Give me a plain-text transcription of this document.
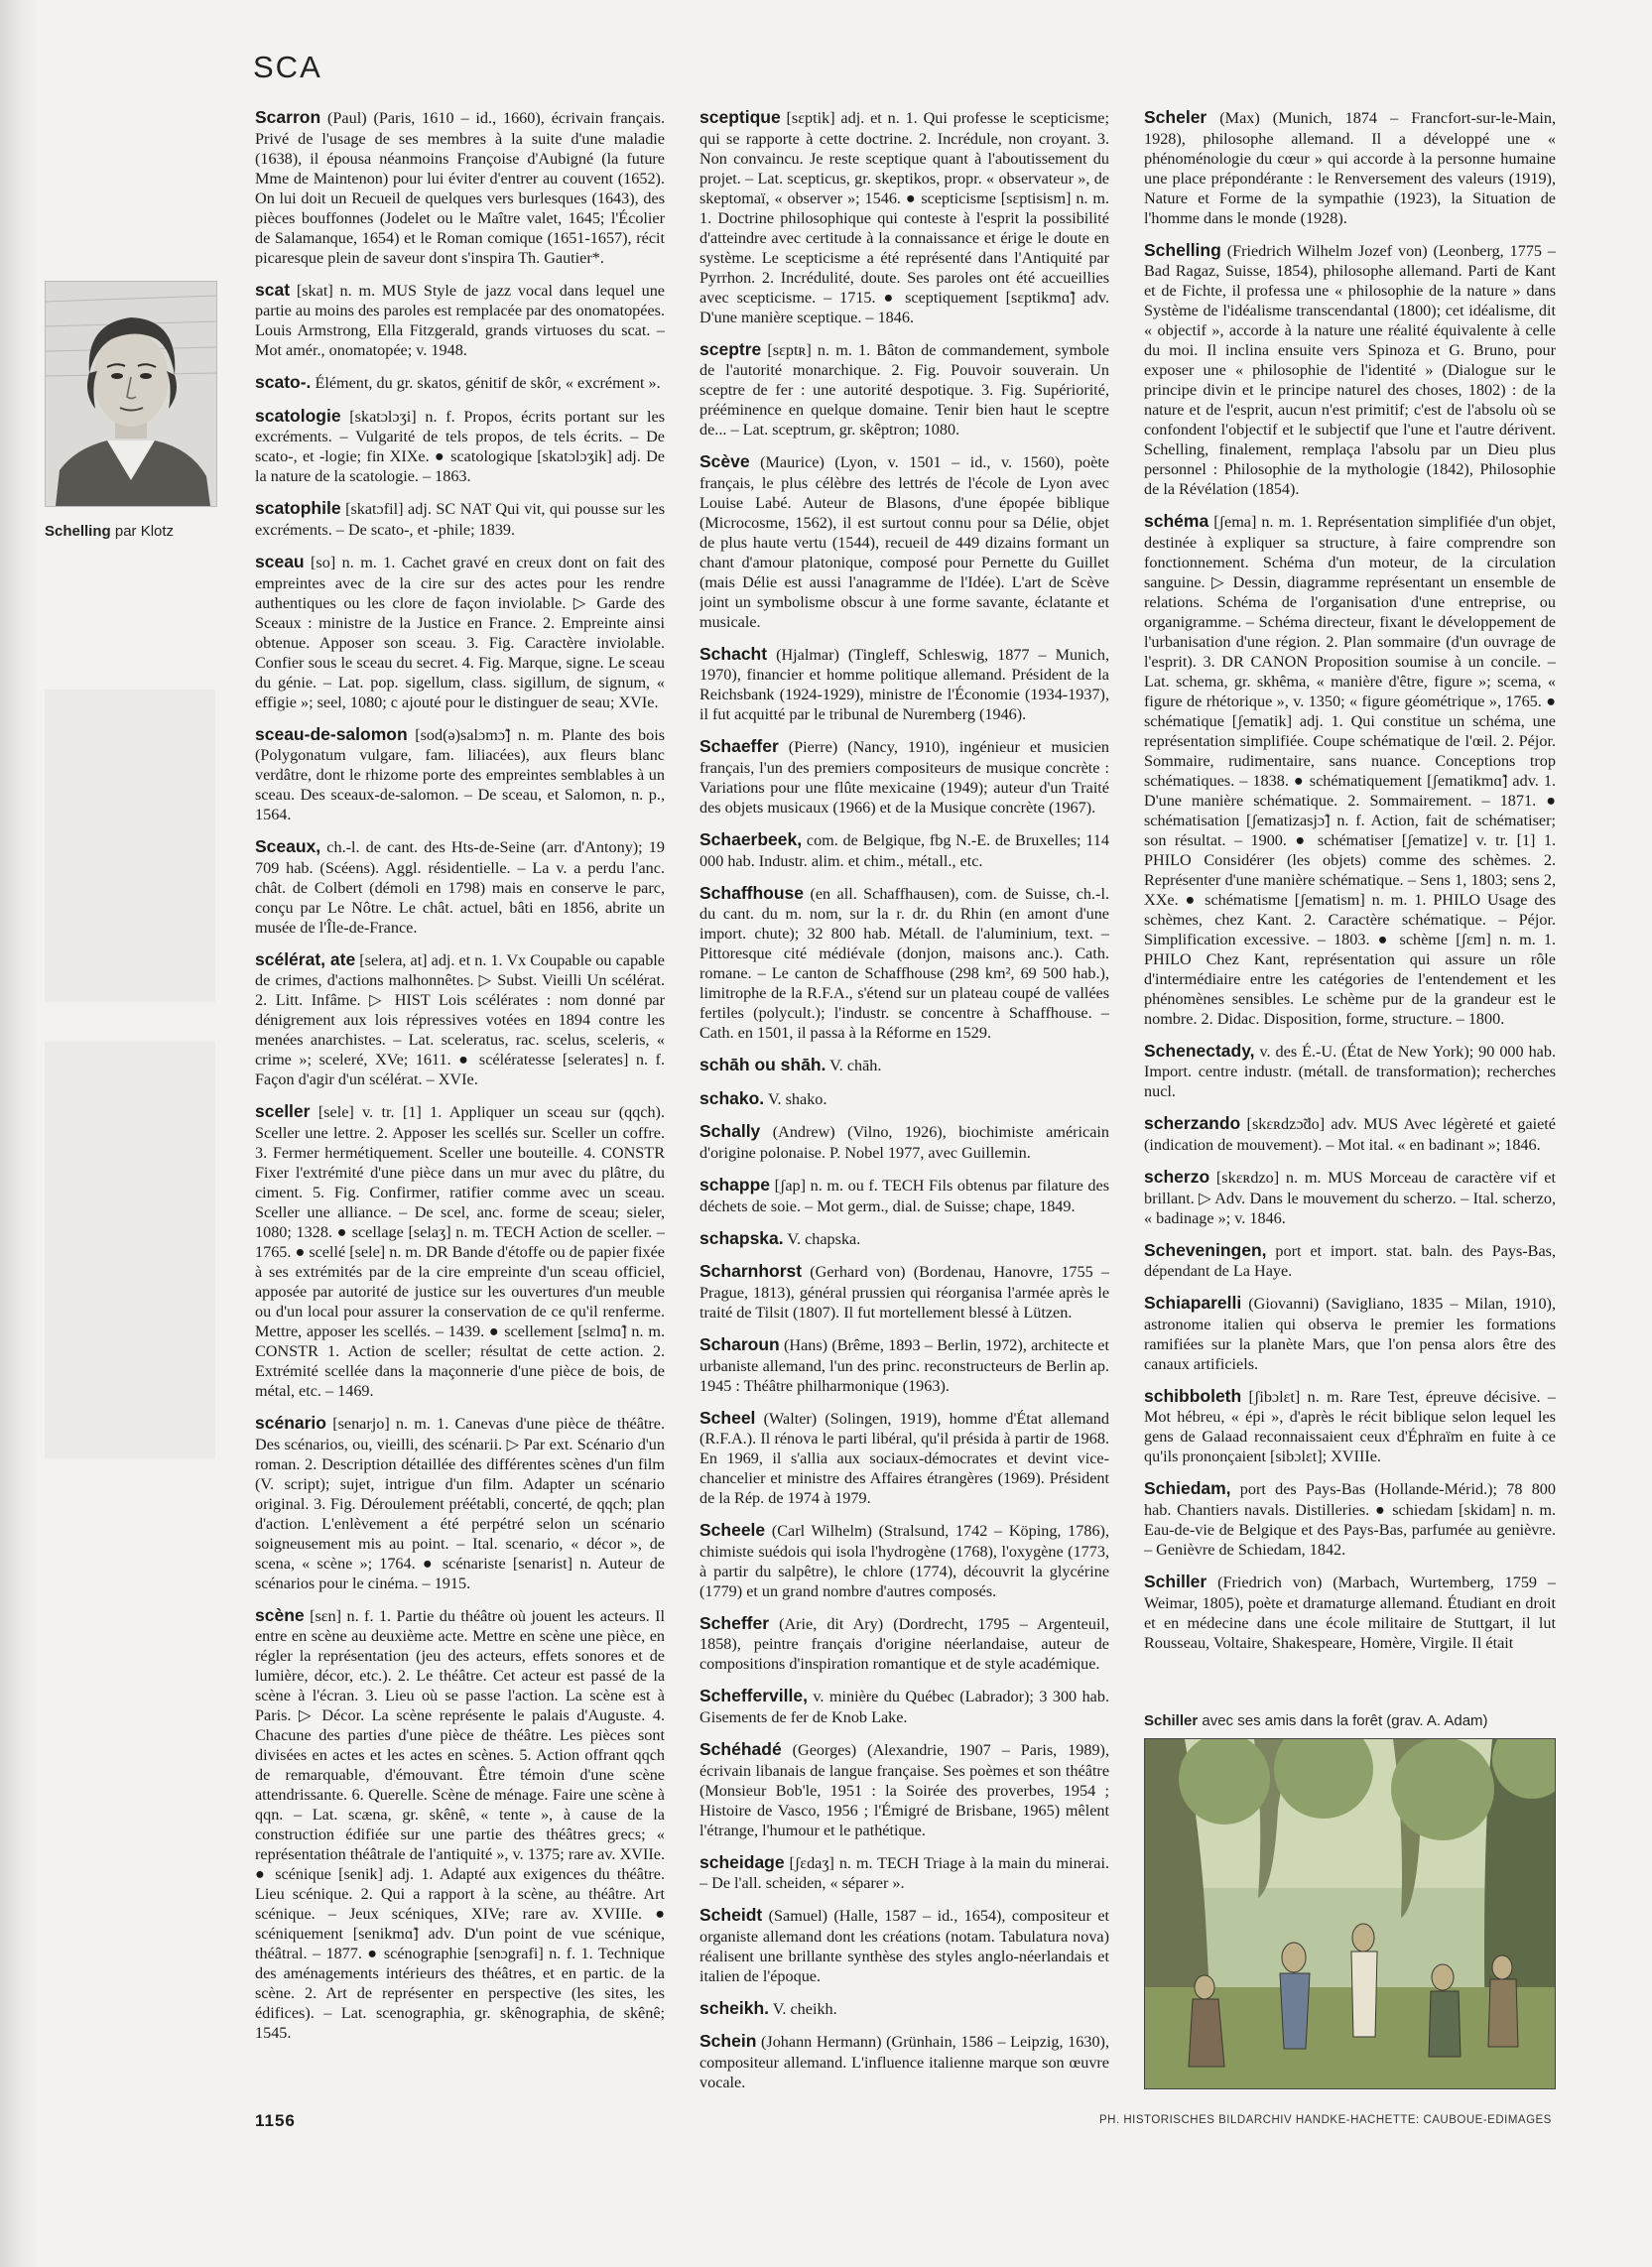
SCA
Schelling par Klotz

Scarron (Paul) (Paris, 1610 – id., 1660), écrivain français. Privé de l'usage de ses membres à la suite d'une maladie (1638), il épousa néanmoins Françoise d'Aubigné (la future Mme de Maintenon) pour lui éviter d'entrer au couvent (1652). On lui doit un Recueil de quelques vers burlesques (1643), des pièces bouffonnes (Jodelet ou le Maître valet, 1645; l'Écolier de Salamanque, 1654) et le Roman comique (1651-1657), récit picaresque plein de saveur dont s'inspira Th. Gautier*.

scat [skat] n. m. MUS Style de jazz vocal dans lequel une partie au moins des paroles est remplacée par des onomatopées. Louis Armstrong, Ella Fitzgerald, grands virtuoses du scat. – Mot amér., onomatopée; v. 1948.

scato-. Élément, du gr. skatos, génitif de skôr, « excrément ».

scatologie [skatɔlɔʒi] n. f. Propos, écrits portant sur les excréments. – Vulgarité de tels propos, de tels écrits. – De scato-, et -logie; fin XIXe. ● scatologique [skatɔlɔʒik] adj. De la nature de la scatologie. – 1863.

scatophile [skatɔfil] adj. SC NAT Qui vit, qui pousse sur les excréments. – De scato-, et -phile; 1839.

sceau [so] n. m. 1. Cachet gravé en creux dont on fait des empreintes avec de la cire sur des actes pour les rendre authentiques ou les clore de façon inviolable. ▷ Garde des Sceaux : ministre de la Justice en France. 2. Empreinte ainsi obtenue. Apposer son sceau. 3. Fig. Caractère inviolable. Confier sous le sceau du secret. 4. Fig. Marque, signe. Le sceau du génie. – Lat. pop. sigellum, class. sigillum, de signum, « effigie »; seel, 1080; c ajouté pour le distinguer de seau; XVIe.

sceau-de-salomon [sod(ə)salɔmɔ̃] n. m. Plante des bois (Polygonatum vulgare, fam. liliacées), aux fleurs blanc verdâtre, dont le rhizome porte des empreintes semblables à un sceau. Des sceaux-de-salomon. – De sceau, et Salomon, n. p., 1564.

Sceaux, ch.-l. de cant. des Hts-de-Seine (arr. d'Antony); 19 709 hab. (Scéens). Aggl. résidentielle. – La v. a perdu l'anc. chât. de Colbert (démoli en 1798) mais en conserve le parc, conçu par Le Nôtre. Le chât. actuel, bâti en 1856, abrite un musée de l'Île-de-France.

scélérat, ate [selera, at] adj. et n. 1. Vx Coupable ou capable de crimes, d'actions malhonnêtes. ▷ Subst. Vieilli Un scélérat. 2. Litt. Infâme. ▷ HIST Lois scélérates : nom donné par dénigrement aux lois répressives votées en 1894 contre les menées anarchistes. – Lat. sceleratus, rac. scelus, sceleris, « crime »; sceleré, XVe; 1611. ● scélératesse [selerates] n. f. Façon d'agir d'un scélérat. – XVIe.

sceller [sele] v. tr. [1] 1. Appliquer un sceau sur (qqch). Sceller une lettre. 2. Apposer les scellés sur. Sceller un coffre. 3. Fermer hermétiquement. Sceller une bouteille. 4. CONSTR Fixer l'extrémité d'une pièce dans un mur avec du plâtre, du ciment. 5. Fig. Confirmer, ratifier comme avec un sceau. Sceller une alliance. – De scel, anc. forme de sceau; sieler, 1080; 1328. ● scellage [selaʒ] n. m. TECH Action de sceller. – 1765. ● scellé [sele] n. m. DR Bande d'étoffe ou de papier fixée à ses extrémités par de la cire empreinte d'un sceau officiel, apposée par autorité de justice sur les ouvertures d'un meuble ou d'un local pour assurer la conservation de ce qu'il renferme. Mettre, apposer les scellés. – 1439. ● scellement [sɛlmɑ̃] n. m. CONSTR 1. Action de sceller; résultat de cette action. 2. Extrémité scellée dans la maçonnerie d'une pièce de bois, de métal, etc. – 1469.

scénario [senarjo] n. m. 1. Canevas d'une pièce de théâtre. Des scénarios, ou, vieilli, des scénarii. ▷ Par ext. Scénario d'un roman. 2. Description détaillée des différentes scènes d'un film (V. script); sujet, intrigue d'un film. Adapter un scénario original. 3. Fig. Déroulement préétabli, concerté, de qqch; plan d'action. L'enlèvement a été perpétré selon un scénario soigneusement mis au point. – Ital. scenario, « décor », de scena, « scène »; 1764. ● scénariste [senarist] n. Auteur de scénarios pour le cinéma. – 1915.

scène [sɛn] n. f. 1. Partie du théâtre où jouent les acteurs. Il entre en scène au deuxième acte. Mettre en scène une pièce, en régler la représentation (jeu des acteurs, effets sonores et de lumière, décor, etc.). 2. Le théâtre. Cet acteur est passé de la scène à l'écran. 3. Lieu où se passe l'action. La scène est à Paris. ▷ Décor. La scène représente le palais d'Auguste. 4. Chacune des parties d'une pièce de théâtre. Les pièces sont divisées en actes et les actes en scènes. 5. Action offrant qqch de remarquable, d'émouvant. Être témoin d'une scène attendrissante. 6. Querelle. Scène de ménage. Faire une scène à qqn. – Lat. scæna, gr. skênê, « tente », à cause de la construction édifiée sur une partie des théâtres grecs; « représentation théâtrale de l'antiquité », v. 1375; rare av. XVIIe. ● scénique [senik] adj. 1. Adapté aux exigences du théâtre. Lieu scénique. 2. Qui a rapport à la scène, au théâtre. Art scénique. – Jeux scéniques, XIVe; rare av. XVIIIe. ● scéniquement [senikmɑ̃] adv. D'un point de vue scénique, théâtral. – 1877. ● scénographie [senɔgrafi] n. f. 1. Technique des aménagements intérieurs des théâtres, et en partic. de la scène. 2. Art de représenter en perspective (les sites, les édifices). – Lat. scenographia, gr. skênographia, de skênê; 1545.

sceptique [sɛptik] adj. et n. 1. Qui professe le scepticisme; qui se rapporte à cette doctrine. 2. Incrédule, non croyant. 3. Non convaincu. Je reste sceptique quant à l'aboutissement du projet. – Lat. scepticus, gr. skeptikos, propr. « observateur », de skeptomaï, « observer »; 1546. ● scepticisme [sɛptisism] n. m. 1. Doctrine philosophique qui conteste à l'esprit la possibilité d'atteindre avec certitude à la connaissance et érige le doute en système. Le scepticisme a été représenté dans l'Antiquité par Pyrrhon. 2. Incrédulité, doute. Ses paroles ont été accueillies avec scepticisme. – 1715. ● sceptiquement [sɛptikmɑ̃] adv. D'une manière sceptique. – 1846.

sceptre [sɛptʀ] n. m. 1. Bâton de commandement, symbole de l'autorité monarchique. 2. Fig. Pouvoir souverain. Un sceptre de fer : une autorité despotique. 3. Fig. Supériorité, prééminence en quelque domaine. Tenir bien haut le sceptre de... – Lat. sceptrum, gr. skêptron; 1080.

Scève (Maurice) (Lyon, v. 1501 – id., v. 1560), poète français, le plus célèbre des lettrés de l'école de Lyon avec Louise Labé. Auteur de Blasons, d'une épopée biblique (Microcosme, 1562), il est surtout connu pour sa Délie, objet de plus haute vertu (1544), recueil de 449 dizains formant un chant d'amour platonique, composé pour Pernette du Guillet (mais Délie est aussi l'anagramme de l'Idée). L'art de Scève joint un symbolisme obscur à une forme savante, éclatante et musicale.

Schacht (Hjalmar) (Tingleff, Schleswig, 1877 – Munich, 1970), financier et homme politique allemand. Président de la Reichsbank (1924-1929), ministre de l'Économie (1934-1937), il fut acquitté par le tribunal de Nuremberg (1946).

Schaeffer (Pierre) (Nancy, 1910), ingénieur et musicien français, l'un des premiers compositeurs de musique concrète : Variations pour une flûte mexicaine (1949); auteur d'un Traité des objets musicaux (1966) et de la Musique concrète (1967).

Schaerbeek, com. de Belgique, fbg N.-E. de Bruxelles; 114 000 hab. Industr. alim. et chim., métall., etc.

Schaffhouse (en all. Schaffhausen), com. de Suisse, ch.-l. du cant. du m. nom, sur la r. dr. du Rhin (en amont d'une import. chute); 32 800 hab. Métall. de l'aluminium, text. – Pittoresque cité médiévale (donjon, maisons anc.). Cath. romane. – Le canton de Schaffhouse (298 km², 69 500 hab.), limitrophe de la R.F.A., s'étend sur un plateau coupé de vallées fertiles (polycult.); l'industr. se concentre à Schaffhouse. – Cath. en 1501, il passa à la Réforme en 1529.

schāh ou shāh. V. chāh.

schako. V. shako.

Schally (Andrew) (Vilno, 1926), biochimiste américain d'origine polonaise. P. Nobel 1977, avec Guillemin.

schappe [ʃap] n. m. ou f. TECH Fils obtenus par filature des déchets de soie. – Mot germ., dial. de Suisse; chape, 1849.

schapska. V. chapska.

Scharnhorst (Gerhard von) (Bordenau, Hanovre, 1755 – Prague, 1813), général prussien qui réorganisa l'armée après le traité de Tilsit (1807). Il fut mortellement blessé à Lützen.

Scharoun (Hans) (Brême, 1893 – Berlin, 1972), architecte et urbaniste allemand, l'un des princ. reconstructeurs de Berlin ap. 1945 : Théâtre philharmonique (1963).

Scheel (Walter) (Solingen, 1919), homme d'État allemand (R.F.A.). Il rénova le parti libéral, qu'il présida à partir de 1968. En 1969, il s'allia aux sociaux-démocrates et devint vice-chancelier et ministre des Affaires étrangères (1969). Président de la Rép. de 1974 à 1979.

Scheele (Carl Wilhelm) (Stralsund, 1742 – Köping, 1786), chimiste suédois qui isola l'hydrogène (1768), l'oxygène (1773, à partir du salpêtre), le chlore (1774), découvrit la glycérine (1779) et un grand nombre d'autres composés.

Scheffer (Arie, dit Ary) (Dordrecht, 1795 – Argenteuil, 1858), peintre français d'origine néerlandaise, auteur de compositions d'inspiration romantique et de style académique.

Schefferville, v. minière du Québec (Labrador); 3 300 hab. Gisements de fer de Knob Lake.

Schéhadé (Georges) (Alexandrie, 1907 – Paris, 1989), écrivain libanais de langue française. Ses poèmes et son théâtre (Monsieur Bob'le, 1951 : la Soirée des proverbes, 1954 ; Histoire de Vasco, 1956 ; l'Émigré de Brisbane, 1965) mêlent l'étrange, l'humour et le pathétique.

scheidage [ʃɛdaʒ] n. m. TECH Triage à la main du minerai. – De l'all. scheiden, « séparer ».

Scheidt (Samuel) (Halle, 1587 – id., 1654), compositeur et organiste allemand dont les créations (notam. Tabulatura nova) réalisent une brillante synthèse des styles anglo-néerlandais et italien de l'époque.

scheikh. V. cheikh.

Schein (Johann Hermann) (Grünhain, 1586 – Leipzig, 1630), compositeur allemand. L'influence italienne marque son œuvre vocale.

Scheler (Max) (Munich, 1874 – Francfort-sur-le-Main, 1928), philosophe allemand. Il a développé une « phénoménologie du cœur » qui accorde à la personne humaine une place prépondérante : le Renversement des valeurs (1919), Nature et Forme de la sympathie (1923), la Situation de l'homme dans le monde (1928).

Schelling (Friedrich Wilhelm Jozef von) (Leonberg, 1775 – Bad Ragaz, Suisse, 1854), philosophe allemand. Parti de Kant et de Fichte, il professa une « philosophie de la nature » dans Système de l'idéalisme transcendantal (1800); cet idéalisme, dit « objectif », accorde à la nature une réalité équivalente à celle du moi. Il inclina ensuite vers Spinoza et G. Bruno, pour exposer une « philosophie de l'identité » (Dialogue sur le principe divin et le principe naturel des choses, 1802) : de la nature et de l'esprit, aucun n'est primitif; c'est de l'absolu où se confondent l'objectif et le subjectif que l'une et l'autre dérivent. Schelling, finalement, remplaça l'absolu par un Dieu plus personnel : Philosophie de la mythologie (1842), Philosophie de la Révélation (1854).

schéma [ʃema] n. m. 1. Représentation simplifiée d'un objet, destinée à expliquer sa structure, à faire comprendre son fonctionnement. Schéma d'un moteur, de la circulation sanguine. ▷ Dessin, diagramme représentant un ensemble de relations. Schéma de l'organisation d'une entreprise, ou organigramme. – Schéma directeur, fixant le développement de l'urbanisation d'une région. 2. Plan sommaire (d'un ouvrage de l'esprit). 3. DR CANON Proposition soumise à un concile. – Lat. schema, gr. skhêma, « manière d'être, figure »; scema, « figure de rhétorique », v. 1350; « figure géométrique », 1765. ● schématique [ʃematik] adj. 1. Qui constitue un schéma, une représentation simplifiée. Coupe schématique de l'œil. 2. Péjor. Sommaire, rudimentaire, sans nuance. Conceptions trop schématiques. – 1838. ● schématiquement [ʃematikmɑ̃] adv. 1. D'une manière schématique. 2. Sommairement. – 1871. ● schématisation [ʃematizasjɔ̃] n. f. Action, fait de schématiser; son résultat. – 1900. ● schématiser [ʃematize] v. tr. [1] 1. PHILO Considérer (les objets) comme des schèmes. 2. Représenter d'une manière schématique. – Sens 1, 1803; sens 2, XXe. ● schématisme [ʃematism] n. m. 1. PHILO Usage des schèmes, chez Kant. 2. Caractère schématique. – Péjor. Simplification excessive. – 1803. ● schème [ʃɛm] n. m. 1. PHILO Chez Kant, représentation qui assure un rôle d'intermédiaire entre les catégories de l'entendement et les phénomènes sensibles. Le schème pur de la grandeur est le nombre. 2. Didac. Disposition, forme, structure. – 1800.

Schenectady, v. des É.-U. (État de New York); 90 000 hab. Import. centre industr. (métall. de transformation); recherches nucl.

scherzando [skɛʀdzɔ̃do] adv. MUS Avec légèreté et gaieté (indication de mouvement). – Mot ital. « en badinant »; 1846.

scherzo [skɛʀdzo] n. m. MUS Morceau de caractère vif et brillant. ▷ Adv. Dans le mouvement du scherzo. – Ital. scherzo, « badinage »; v. 1846.

Scheveningen, port et import. stat. baln. des Pays-Bas, dépendant de La Haye.

Schiaparelli (Giovanni) (Savigliano, 1835 – Milan, 1910), astronome italien qui observa le premier les formations ramifiées sur la planète Mars, que l'on pensa alors être des canaux artificiels.

schibboleth [ʃibɔlɛt] n. m. Rare Test, épreuve décisive. – Mot hébreu, « épi », d'après le récit biblique selon lequel les gens de Galaad reconnaissaient ceux d'Éphraïm en fuite à ce qu'ils prononçaient [sibɔlɛt]; XVIIIe.

Schiedam, port des Pays-Bas (Hollande-Mérid.); 78 800 hab. Chantiers navals. Distilleries. ● schiedam [skidam] n. m. Eau-de-vie de Belgique et des Pays-Bas, parfumée au genièvre. – Genièvre de Schiedam, 1842.

Schiller (Friedrich von) (Marbach, Wurtemberg, 1759 – Weimar, 1805), poète et dramaturge allemand. Étudiant en droit et en médecine dans une école militaire de Stuttgart, il lut Rousseau, Voltaire, Shakespeare, Homère, Virgile. Il était

Schiller avec ses amis dans la forêt (grav. A. Adam)
1156	PH. HISTORISCHES BILDARCHIV HANDKE-HACHETTE: CAUBOUE-EDIMAGES
